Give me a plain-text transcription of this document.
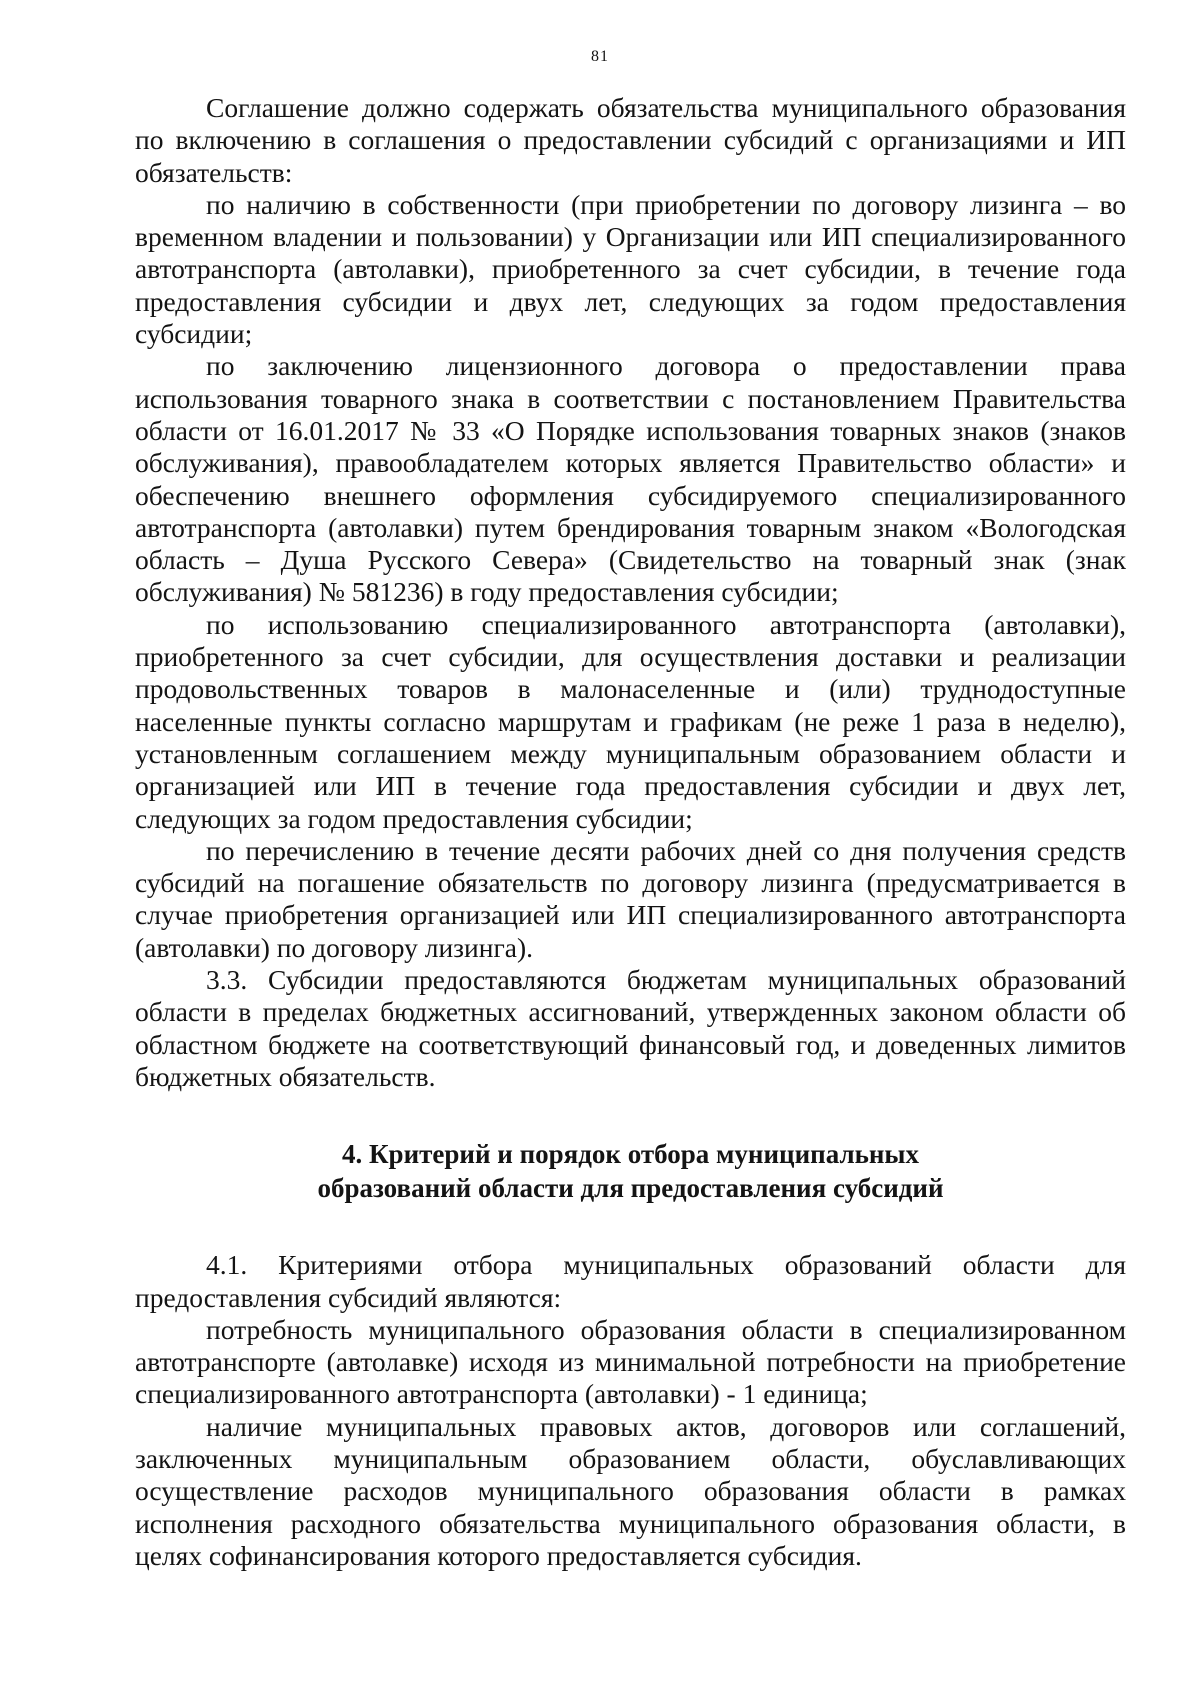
81

Соглашение должно содержать обязательства муниципального образования по включению в соглашения о предоставлении субсидий с организациями и ИП обязательств:

по наличию в собственности (при приобретении по договору лизинга – во временном владении и пользовании) у Организации или ИП специализированного автотранспорта (автолавки), приобретенного за счет субсидии, в течение года предоставления субсидии и двух лет, следующих за годом предоставления субсидии;

по заключению лицензионного договора о предоставлении права использования товарного знака в соответствии с постановлением Правительства области от 16.01.2017 № 33 «О Порядке использования товарных знаков (знаков обслуживания), правообладателем которых является Правительство области» и обеспечению внешнего оформления субсидируемого специализированного автотранспорта (автолавки) путем брендирования товарным знаком «Вологодская область – Душа Русского Севера» (Свидетельство на товарный знак (знак обслуживания) № 581236) в году предоставления субсидии;

по использованию специализированного автотранспорта (автолавки), приобретенного за счет субсидии, для осуществления доставки и реализации продовольственных товаров в малонаселенные и (или) труднодоступные населенные пункты согласно маршрутам и графикам (не реже 1 раза в неделю), установленным соглашением между муниципальным образованием области и организацией или ИП в течение года предоставления субсидии и двух лет, следующих за годом предоставления субсидии;

по перечислению в течение десяти рабочих дней со дня получения средств субсидий на погашение обязательств по договору лизинга (предусматривается в случае приобретения организацией или ИП специализированного автотранспорта (автолавки) по договору лизинга).

3.3. Субсидии предоставляются бюджетам муниципальных образований области в пределах бюджетных ассигнований, утвержденных законом области об областном бюджете на соответствующий финансовый год, и доведенных лимитов бюджетных обязательств.

4. Критерий и порядок отбора муниципальных
образований области для предоставления субсидий

4.1. Критериями отбора муниципальных образований области для предоставления субсидий являются:

потребность муниципального образования области в специализированном автотранспорте (автолавке) исходя из минимальной потребности на приобретение специализированного автотранспорта (автолавки) - 1 единица;

наличие муниципальных правовых актов, договоров или соглашений, заключенных муниципальным образованием области, обуславливающих осуществление расходов муниципального образования области в рамках исполнения расходного обязательства муниципального образования области, в целях софинансирования которого предоставляется субсидия.
